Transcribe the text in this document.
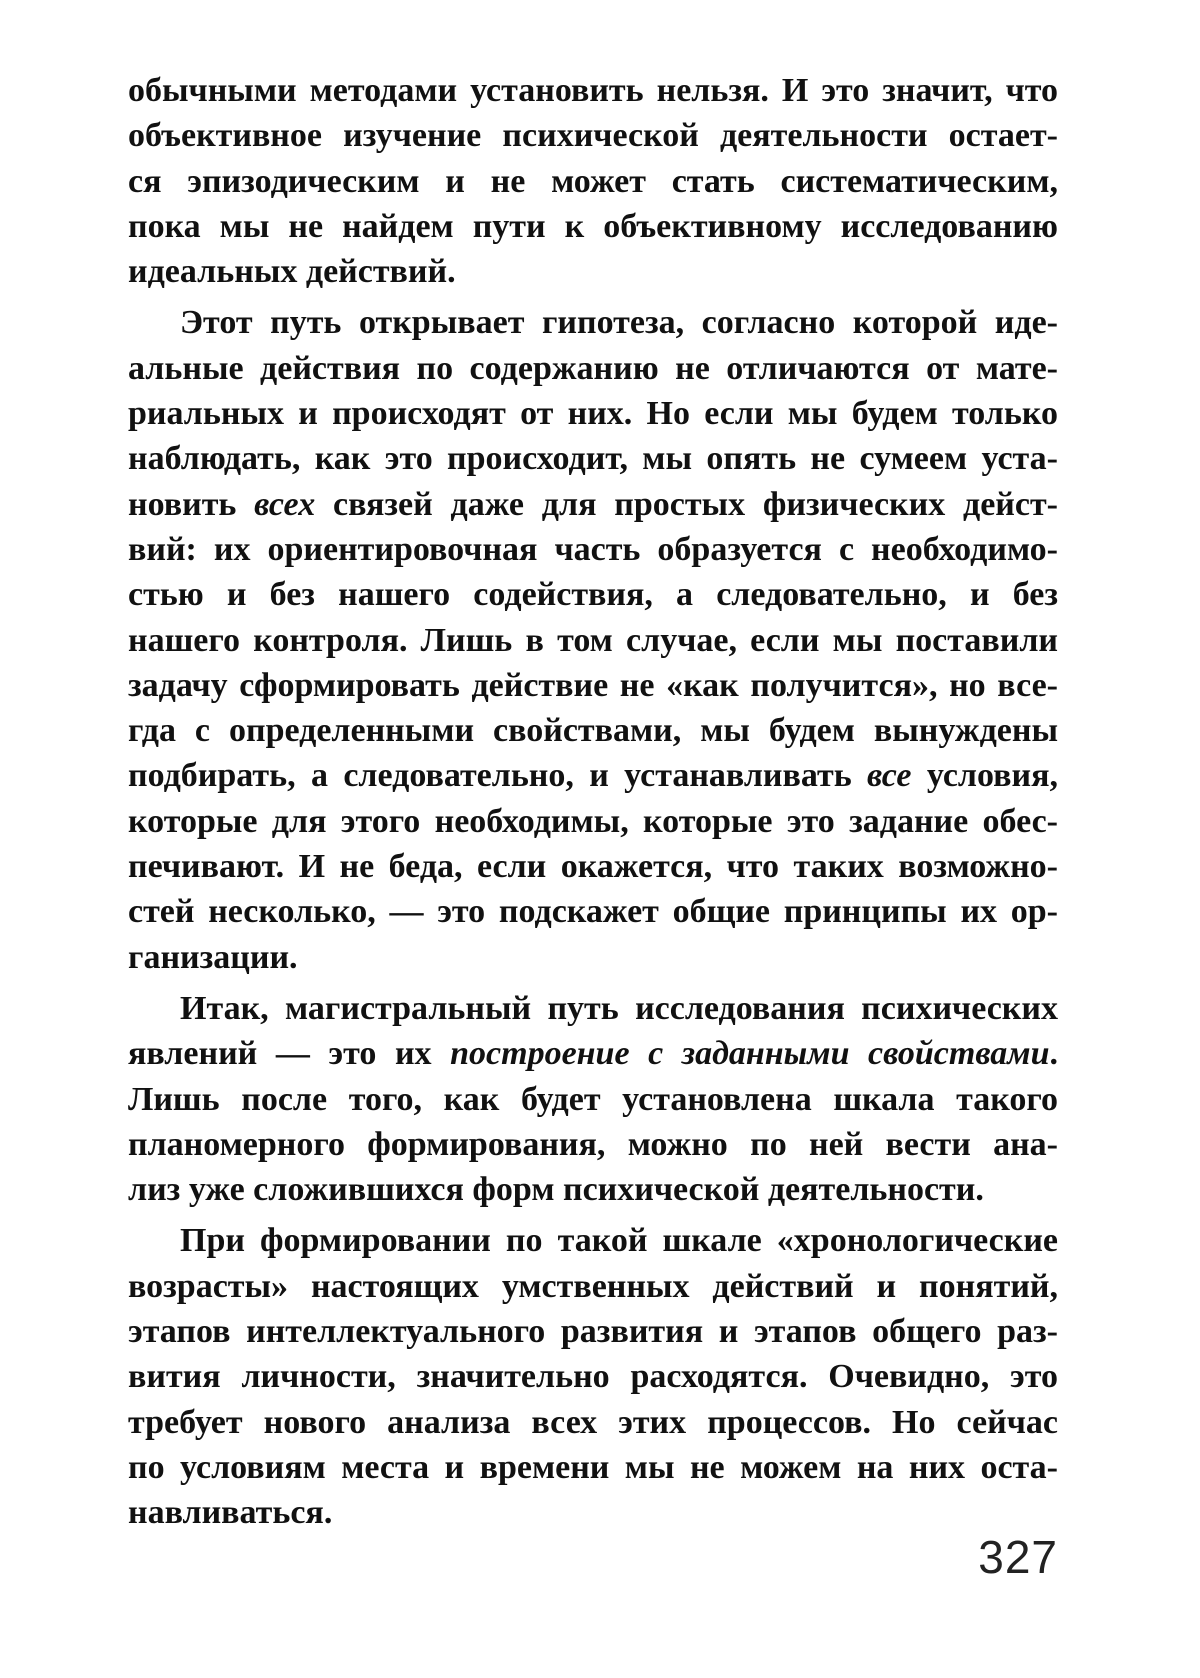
обычными методами установить нельзя. И это значит, что
объективное изучение психической деятельности остает-
ся эпизодическим и не может стать систематическим,
пока мы не найдем пути к объективному исследованию
идеальных действий.
Этот путь открывает гипотеза, согласно которой иде-
альные действия по содержанию не отличаются от мате-
риальных и происходят от них. Но если мы будем только
наблюдать, как это происходит, мы опять не сумеем уста-
новить всех связей даже для простых физических дейст-
вий: их ориентировочная часть образуется с необходимо-
стью и без нашего содействия, а следовательно, и без
нашего контроля. Лишь в том случае, если мы поставили
задачу сформировать действие не «как получится», но все-
гда с определенными свойствами, мы будем вынуждены
подбирать, а следовательно, и устанавливать все условия,
которые для этого необходимы, которые это задание обес-
печивают. И не беда, если окажется, что таких возможно-
стей несколько, — это подскажет общие принципы их ор-
ганизации.
Итак, магистральный путь исследования психических
явлений — это их построение с заданными свойствами.
Лишь после того, как будет установлена шкала такого
планомерного формирования, можно по ней вести ана-
лиз уже сложившихся форм психической деятельности.
При формировании по такой шкале «хронологические
возрасты» настоящих умственных действий и понятий,
этапов интеллектуального развития и этапов общего раз-
вития личности, значительно расходятся. Очевидно, это
требует нового анализа всех этих процессов. Но сейчас
по условиям места и времени мы не можем на них оста-
навливаться.
327
